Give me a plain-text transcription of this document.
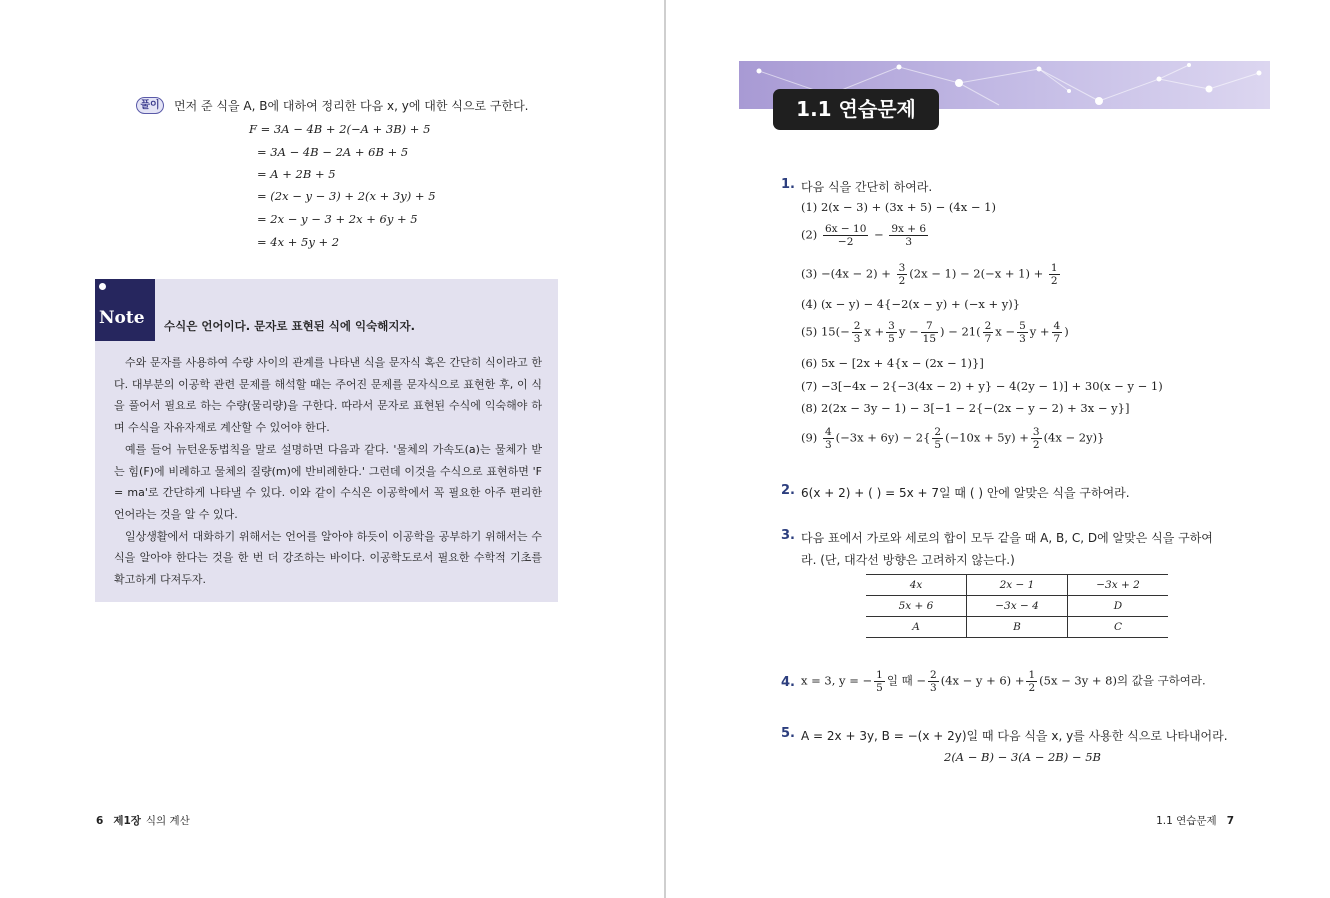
풀이	먼저 준 식을 A, B에 대하여 정리한 다음 x, y에 대한 식으로 구한다.
F = 3A − 4B + 2(−A + 3B) + 5
= 3A − 4B − 2A + 6B + 5
= A + 2B + 5
= (2x − y − 3) + 2(x + 3y) + 5
= 2x − y − 3 + 2x + 6y + 5
= 4x + 5y + 2
Note 수식은 언어이다. 문자로 표현된 식에 익숙해지자.

수와 문자를 사용하여 수량 사이의 관계를 나타낸 식을 문자식 혹은 간단히 식이라고 한다. 대부분의 이공학 관련 문제를 해석할 때는 주어진 문제를 문자식으로 표현한 후, 이 식을 풀어서 필요로 하는 수량(물리량)을 구한다. 따라서 문자로 표현된 수식에 익숙해야 하며 수식을 자유자재로 계산할 수 있어야 한다.

예를 들어 뉴턴운동법칙을 말로 설명하면 다음과 같다. '물체의 가속도(a)는 물체가 받는 힘(F)에 비례하고 물체의 질량(m)에 반비례한다.' 그런데 이것을 수식으로 표현하면 'F = ma'로 간단하게 나타낼 수 있다. 이와 같이 수식은 이공학에서 꼭 필요한 아주 편리한 언어라는 것을 알 수 있다.

일상생활에서 대화하기 위해서는 언어를 알아야 하듯이 이공학을 공부하기 위해서는 수식을 알아야 한다는 것을 한 번 더 강조하는 바이다. 이공학도로서 필요한 수학적 기초를 확고하게 다져두자.

6 제1장 식의 계산
1.1 연습문제
1. 다음 식을 간단히 하여라.
(1) 2(x − 3) + (3x + 5) − (4x − 1)
$(2) \frac{6x - 10}{-2} - \frac{9x + 6}{3}$
$(3) -(4x - 2) + \frac{3}{2} (2x - 1) - 2(-x + 1) + \frac{1}{2}$
(4) (x − y) − 4{−2(x − y) + (−x + y)}
(5) $15(- \frac{2}{3}$ $x + \frac{3}{5}$ $y - \frac{7}{15}$ ) − $21( \frac{2}{7}$ $x - \frac{5}{3}$ $y + \frac{4}{7}$ )
(6) 5x − [2x + 4{x − (2x − 1)}]
(7) −3[−4x − 2{−3(4x − 2) + y} − 4(2y − 1)] + 30(x − y − 1)
(8) 2(2x − 3y − 1) − 3[−1 − 2{−(2x − y − 2) + 3x − y}]
$(9) \frac{4}{3} (-3x + 6y) - 2\{ \frac{2}{5} (-10x + 5y) + \frac{3}{2} (4x - 2y)\}$
2. 6(x + 2) + ( ) = 5x + 7일 때 ( ) 안에 알맞은 식을 구하여라.
3. 다음 표에서 가로와 세로의 합이 모두 같을 때 A, B, C, D에 알맞은 식을 구하여
라. (단, 대각선 방향은 고려하지 않는다.)
4x	2x − 1	−3x + 2
5x + 6	−3x − 4	D
A	B	C
4. x = 3, y = − $\frac{1}{5}$ 일 때 − $\frac{2}{3} (4x - y + 6) + \frac{1}{2} (5x - 3y + 8)$의 값을 구하여라.
5. A = 2x + 3y, B = −(x + 2y)일 때 다음 식을 x, y를 사용한 식으로 나타내어라.
2(A − B) − 3(A − 2B) − 5B
1.1 연습문제 7
